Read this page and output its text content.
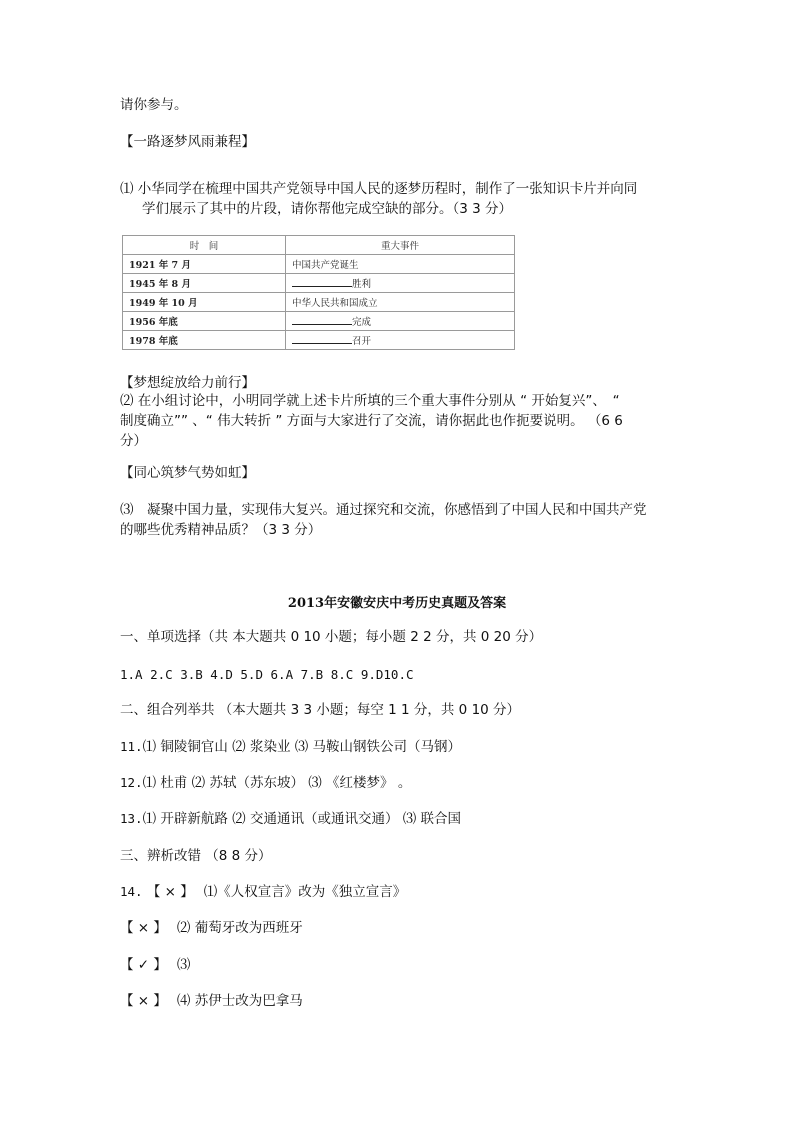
请你参与。
【一路逐梦风雨兼程】
⑴ 小华同学在梳理中国共产党领导中国人民的逐梦历程时，制作了一张知识卡片并向同
学们展示了其中的片段，请你帮他完成空缺的部分。（3 3 分）
时　间	重大事件
1921 年 7 月	中国共产党诞生
1945 年 8 月	胜利
1949 年 10 月	中华人民共和国成立
1956 年底	完成
1978 年底	召开
【梦想绽放给力前行】
⑵ 在小组讨论中，小明同学就上述卡片所填的三个重大事件分别从 “ 开始复兴”、　“
制度确立”” 、“ 伟大转折 ” 方面与大家进行了交流，请你据此也作扼要说明。 （6 6
分）
【同心筑梦气势如虹】
⑶　凝聚中国力量，实现伟大复兴。通过探究和交流，你感悟到了中国人民和中国共产党
的哪些优秀精神品质？（3 3 分）
2013年安徽安庆中考历史真题及答案
一、单项选择（共 本大题共 0 10 小题；每小题 2 2 分，共 0 20 分）
1.A 2.C 3.B 4.D 5.D 6.A 7.B 8.C 9.D10.C
二、组合列举共 （本大题共 3 3 小题；每空 1 1 分，共 0 10 分）
11.⑴ 铜陵铜官山 ⑵ 浆染业 ⑶ 马鞍山钢铁公司（马钢）
12.⑴ 杜甫 ⑵ 苏轼（苏东坡） ⑶ 《红楼梦》 。
13.⑴ 开辟新航路 ⑵ 交通通讯（或通讯交通） ⑶ 联合国
三、辨析改错 （8 8 分）
14. 【 × 】 ⑴《人权宣言》改为《独立宣言》
【 × 】 ⑵ 葡萄牙改为西班牙
【 ✓ 】 ⑶
【 × 】 ⑷ 苏伊士改为巴拿马
